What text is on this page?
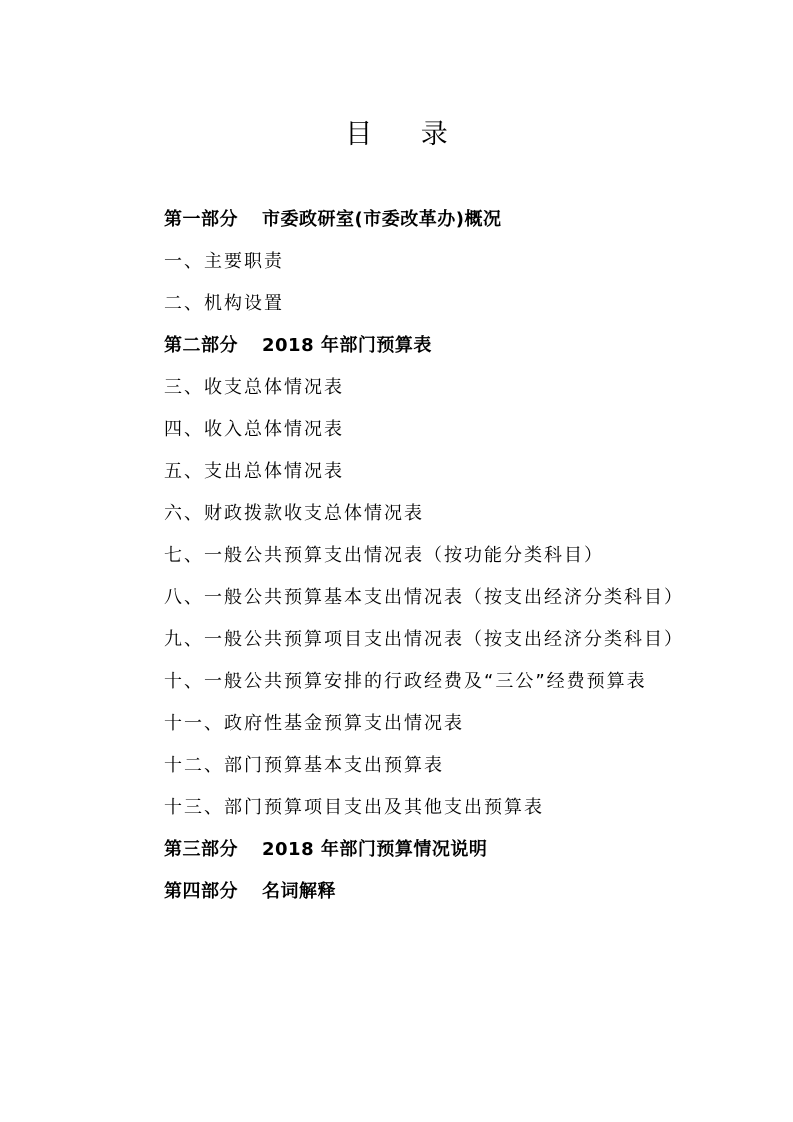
目 录
第一部分 市委政研室(市委改革办)概况
一、主要职责
二、机构设置
第二部分 2018 年部门预算表
三、收支总体情况表
四、收入总体情况表
五、支出总体情况表
六、财政拨款收支总体情况表
七、一般公共预算支出情况表（按功能分类科目）
八、一般公共预算基本支出情况表（按支出经济分类科目）
九、一般公共预算项目支出情况表（按支出经济分类科目）
十、一般公共预算安排的行政经费及“三公”经费预算表
十一、政府性基金预算支出情况表
十二、部门预算基本支出预算表
十三、部门预算项目支出及其他支出预算表
第三部分 2018 年部门预算情况说明
第四部分 名词解释
